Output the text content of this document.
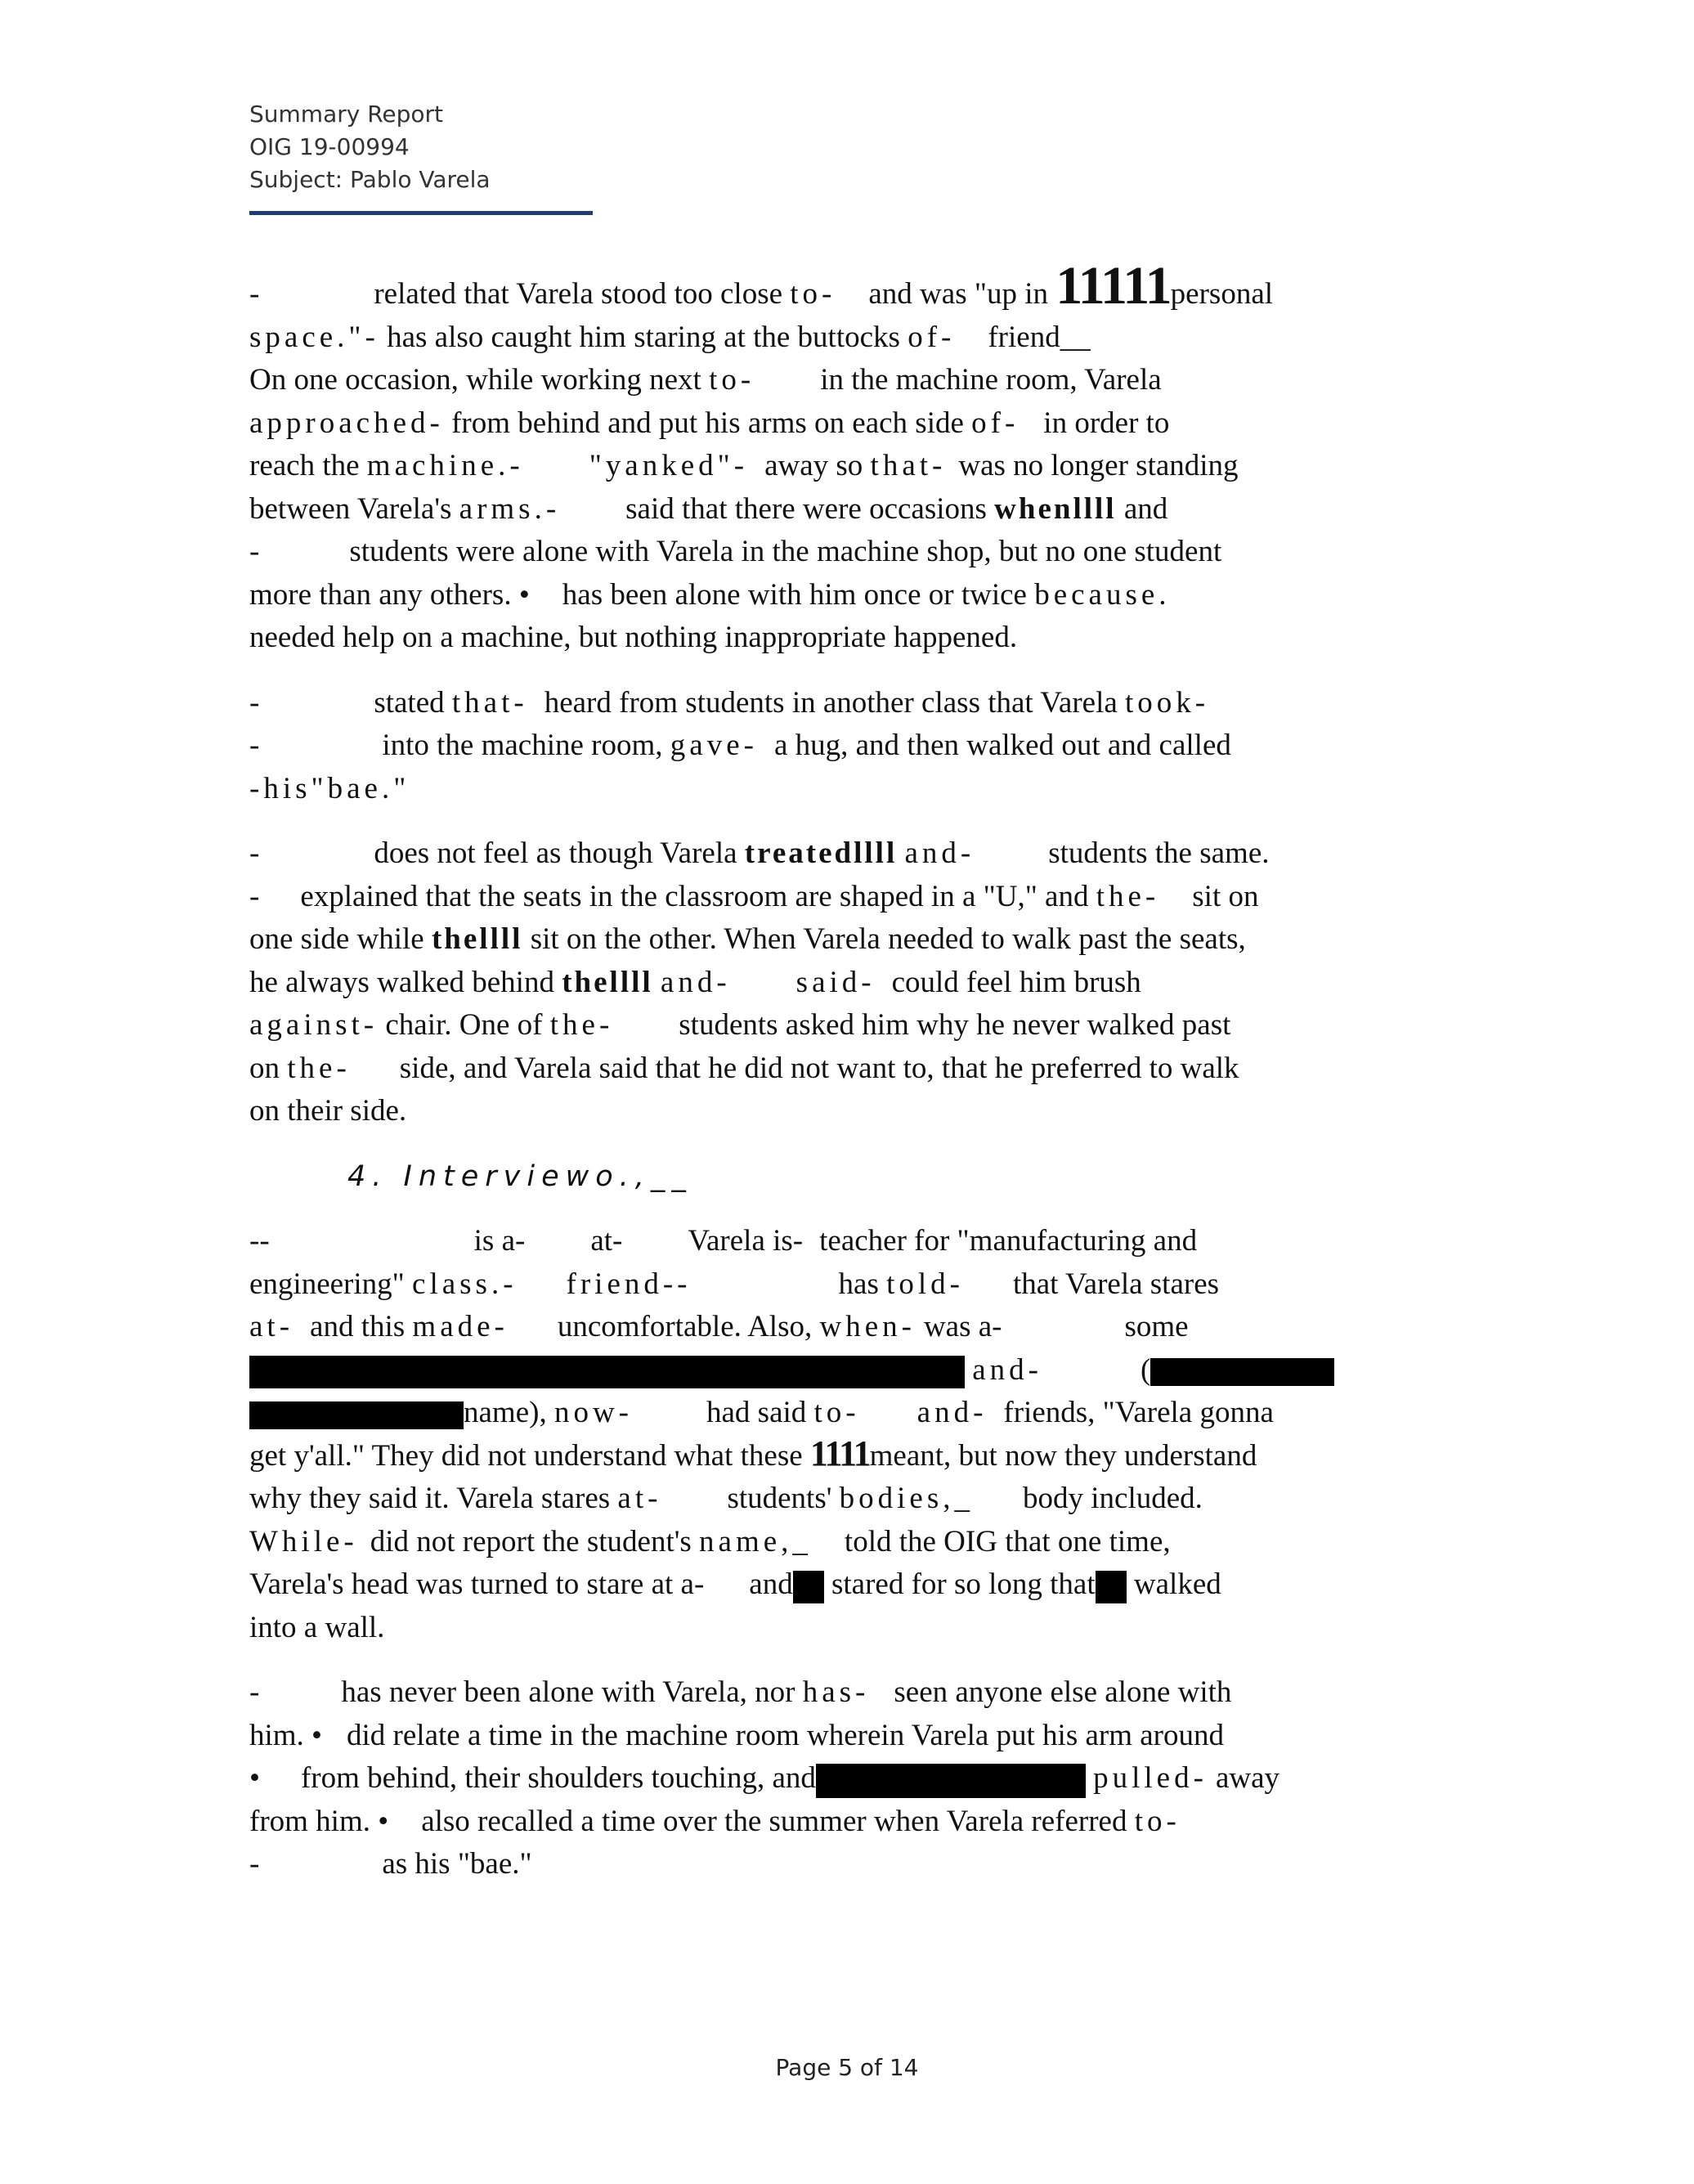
Summary Report
OIG 19-00994
Subject: Pablo Varela
-	related that Varela stood too close to- and was "up in 11111personal
space."- has also caught him staring at the buttocks of- friend__
On one occasion, while working next to- in the machine room, Varela
approached- from behind and put his arms on each side of- in order to
reach the machine.- "yanked"- away so that- was no longer standing
between Varela's arms.- said that there were occasions whenllll and
-	students were alone with Varela in the machine shop, but no one student
more than any others. • has been alone with him once or twice because.
needed help on a machine, but nothing inappropriate happened.
-	stated that- heard from students in another class that Varela took-
-	into the machine room, gave- a hug, and then walked out and called
-his"bae."
-	does not feel as though Varela treatedllll and- students the same.
- explained that the seats in the classroom are shaped in a "U," and the- sit on
one side while thellll sit on the other. When Varela needed to walk past the seats,
he always walked behind thellll and- said- could feel him brush
against- chair. One of the- students asked him why he never walked past
on the- side, and Varela said that he did not want to, that he preferred to walk
on their side.
4. Interviewo.,__
--	is a- at- Varela is- teacher for "manufacturing and
engineering" class.- friend--	has told- that Varela stares
at- and this made- uncomfortable. Also, when- was a-	some
and-	(
name), now- had said to- and- friends, "Varela gonna
get y'all." They did not understand what these 1111meant, but now they understand
why they said it. Varela stares at- students' bodies,_ body included.
While- did not report the student's name,_ told the OIG that one time,
Varela's head was turned to stare at a- and stared for so long that walked
into a wall.
-	has never been alone with Varela, nor has- seen anyone else alone with
him. • did relate a time in the machine room wherein Varela put his arm around
• from behind, their shoulders touching, and	pulled- away
from him. • also recalled a time over the summer when Varela referred to-
-	as his "bae."
Page 5 of 14
